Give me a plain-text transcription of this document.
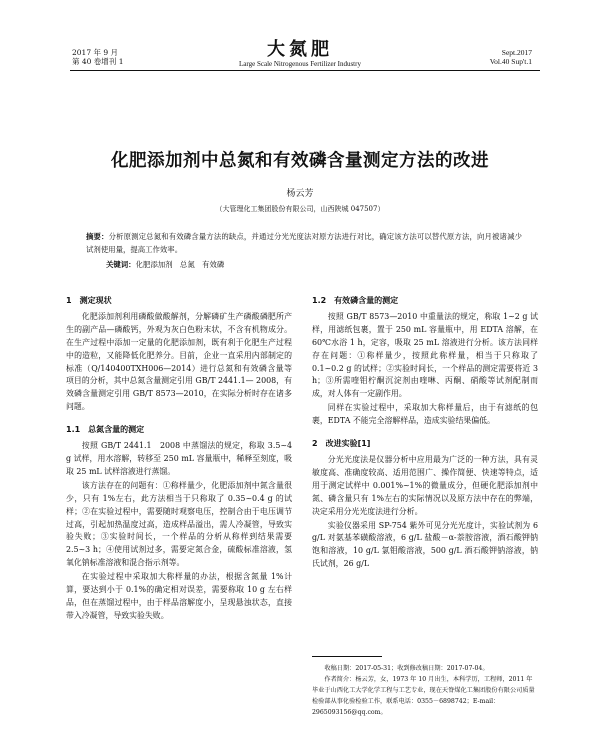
2017 年 9 月
第 40 卷增刊 1
大氮肥
Large Scale Nitrogenous Fertilizer Industry
Sept.2017
Vol.40 Sup't.1
化肥添加剂中总氮和有效磷含量测定方法的改进
杨云芳
（大管理化工集团股份有限公司，山西陕城 047507）
摘要：分析原测定总氮和有效磷含量方法的缺点，并通过分光光度法对原方法进行对比，确定该方法可以替代原方法，向月被诸减少试剂使用量，提高工作效率。
关键词：化肥添加剂　总氮　有效磷
1　测定现状

化肥添加剂利用磷酸做酸解剂，分解磷矿生产磷酸磷肥所产生的副产品—磷酸钙，外观为灰白色粉末状，不含有机物成分。在生产过程中添加一定量的化肥添加剂，既有利于化肥生产过程中的造粒，又能降低化肥养分。目前，企业一直采用内部制定的标准（Q/140400TXH006—2014）进行总氮和有效磷含量等项目的分析，其中总氮含量测定引用 GB/T 2441.1— 2008，有效磷含量测定引用 GB/T 8573—2010，在实际分析时存在诸多问题。

1.1　总氮含量的测定

按照 GB/T 2441.1　2008 中蒸馏法的规定，称取 3.5~4 g 试样，用水溶解，转移至 250 mL 容量瓶中，稀释至刻度，吸取 25 mL 试样溶液进行蒸馏。

该方法存在的问题有：①称样量少，化肥添加剂中氮含量很少，只有 1%左右，此方法相当于只称取了 0.35~0.4 g 的试样；②在实验过程中，需要随时观察电压，控制合由于电压调节过高，引起加热温度过高，造成样品溢出，需人冷凝管，导致实验失败；③实验时间长，一个样品的分析从称样到结果需要 2.5~3 h；④使用试剂过多，需要定氮合金，硫酸标准溶液，氢氧化钠标准溶液和混合指示剂等。

在实验过程中采取加大称样量的办法，根据含氮量 1%计算，要达到小于 0.1%的确定相对误差，需要称取 10 g 左右样品，但在蒸馏过程中，由于样品溶解度小，呈现悬浊状态，直接带入冷凝管，导致实验失败。

1.2　有效磷含量的测定

按照 GB/T 8573—2010 中重量法的规定，称取 1~2 g 试样，用滤纸包裹，置于 250 mL 容量瓶中，用 EDTA 溶解，在 60℃水浴 1 h，定容，吸取 25 mL 溶液进行分析。该方法同样存在问题：①称样量少，按照此称样量，相当于只称取了 0.1~0.2 g 的试样；②实验时间长，一个样品的测定需要将近 3 h；③所需喹钼柠酮沉淀剂由喹啉、丙酮、硝酸等试剂配制而成，对人体有一定副作用。

同样在实验过程中，采取加大称样量后，由于有滤纸的包裹，EDTA 不能完全溶解样品，造成实验结果偏低。

2　改进实验[1]

分光光度法是仪器分析中应用最为广泛的一种方法，具有灵敏度高、准确度较高、适用范围广、操作简便、快速等特点，适用于测定试样中 0.001%~1%的微量成分，但硬化肥添加剂中氮、磷含量只有 1%左右的实际情况以及原方法中存在的弊端，决定采用分光光度法进行分析。

实验仪器采用 SP-754 紫外可见分光光度计，实验试剂为 6 g/L 对氨基苯磺酸溶液，6 g/L 盐酸－α-萘胺溶液，酒石酸钾钠饱和溶液，10 g/L 氯钼酸溶液，500 g/L 酒石酸钾钠溶液，钠氏试剂，26 g/L

收稿日期：2017-05-31；收到修改稿日期：2017-07-04。

作者简介：杨云芳，女，1973 年 10 月出生，本科学历，工程师，2011 年毕业于山西化工大学化学工程与工艺专业，现在天脊煤化工集团股份有限公司质量检验部从事化验检验工作，联系电话：0355－6898742；E-mail：2965093156@qq.com。
